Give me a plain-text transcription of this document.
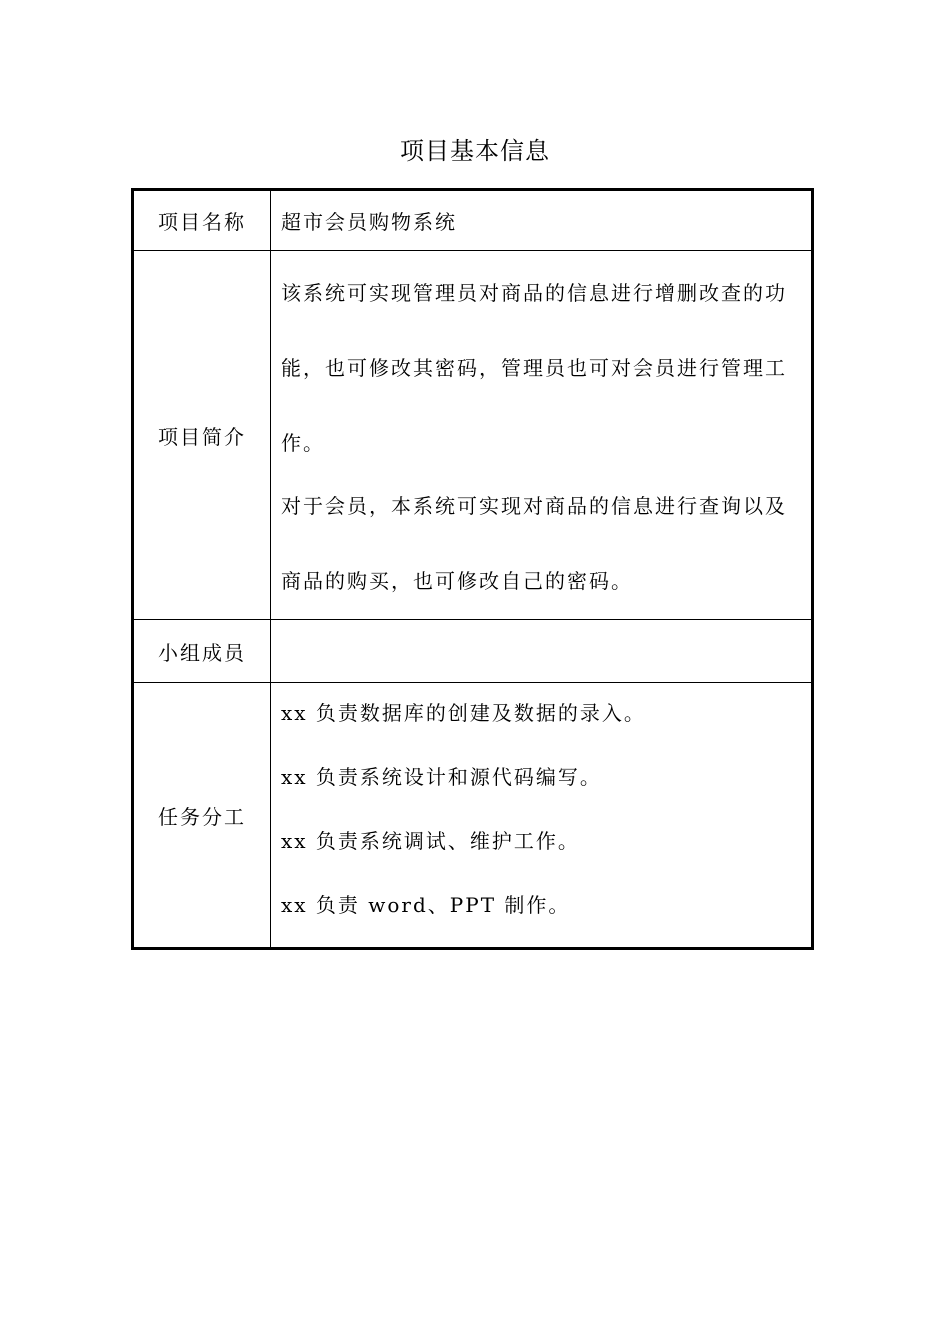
项目基本信息
项目名称	超市会员购物系统
项目简介	该系统可实现管理员对商品的信息进行增删改查的功能，也可修改其密码，管理员也可对会员进行管理工作。

对于会员，本系统可实现对商品的信息进行查询以及商品的购买，也可修改自己的密码。

小组成员	
任务分工	xx 负责数据库的创建及数据的录入。

xx 负责系统设计和源代码编写。

xx 负责系统调试、维护工作。

xx 负责 word、PPT 制作。
